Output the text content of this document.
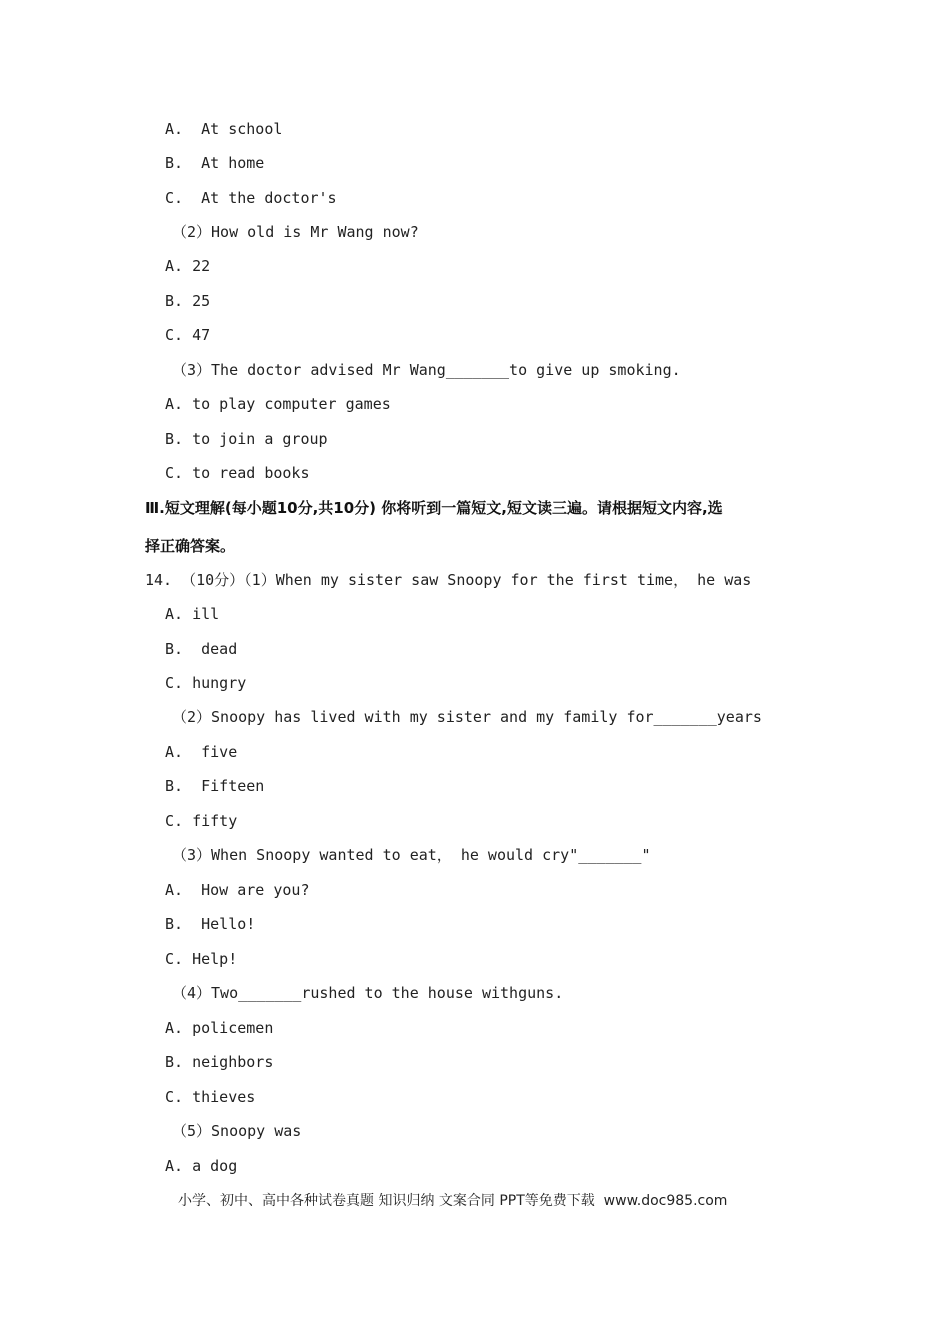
A.  At school
B.  At home
C.  At the doctor's
（2）How old is Mr Wang now?
A. 22
B. 25
C. 47
（3）The doctor advised Mr Wang_______to give up smoking.
A. to play computer games
B. to join a group
C. to read books
Ⅲ.短文理解(每小题10分,共10分) 你将听到一篇短文,短文读三遍。请根据短文内容,选
择正确答案。
14. （10分）（1）When my sister saw Snoopy for the first time， he was
A. ill
B.  dead
C. hungry
（2）Snoopy has lived with my sister and my family for_______years
A.  five
B.  Fifteen
C. fifty
（3）When Snoopy wanted to eat， he would cry"_______"
A.  How are you?
B.  Hello!
C. Help!
（4）Two_______rushed to the house withguns.
A. policemen
B. neighbors
C. thieves
（5）Snoopy was
A. a dog
小学、初中、高中各种试卷真题 知识归纳 文案合同 PPT等免费下载  www.doc985.com
